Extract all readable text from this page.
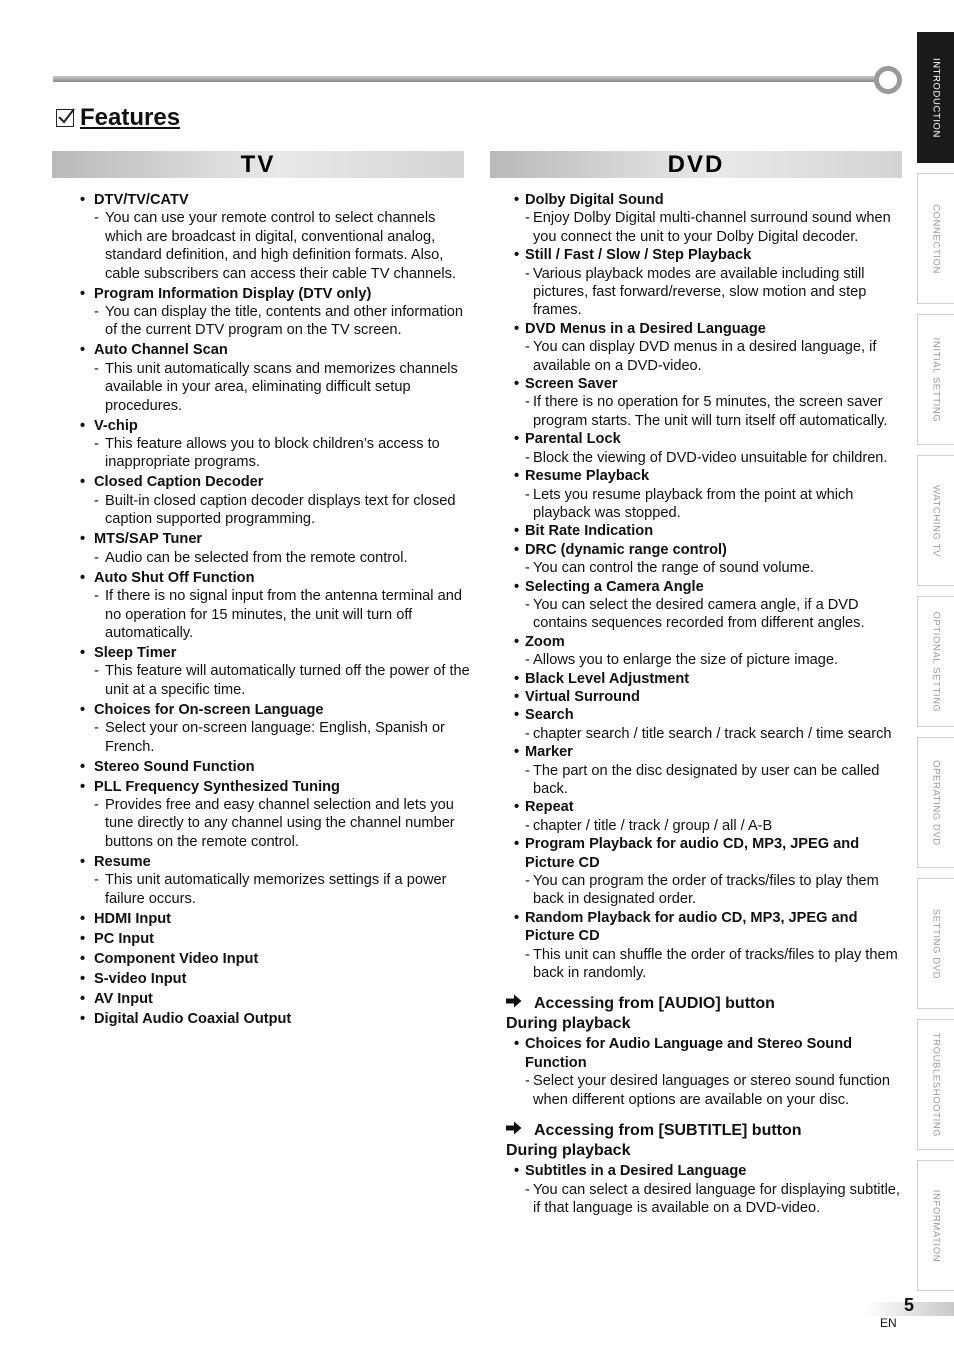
Features
TV	DVD
• DTV/TV/CATV
- You can use your remote control to select channels which are broadcast in digital, conventional analog, standard definition, and high definition formats. Also, cable subscribers can access their cable TV channels.
• Program Information Display (DTV only)
- You can display the title, contents and other information of the current DTV program on the TV screen.
• Auto Channel Scan
- This unit automatically scans and memorizes channels available in your area, eliminating difficult setup procedures.
• V-chip
- This feature allows you to block children’s access to inappropriate programs.
• Closed Caption Decoder
- Built-in closed caption decoder displays text for closed caption supported programming.
• MTS/SAP Tuner
- Audio can be selected from the remote control.
• Auto Shut Off Function
- If there is no signal input from the antenna terminal and no operation for 15 minutes, the unit will turn off automatically.
• Sleep Timer
- This feature will automatically turned off the power of the unit at a specific time.
• Choices for On-screen Language
- Select your on-screen language: English, Spanish or French.
• Stereo Sound Function
• PLL Frequency Synthesized Tuning
- Provides free and easy channel selection and lets you tune directly to any channel using the channel number buttons on the remote control.
• Resume
- This unit automatically memorizes settings if a power failure occurs.
• HDMI Input
• PC Input
• Component Video Input
• S-video Input
• AV Input
• Digital Audio Coaxial Output
• Dolby Digital Sound
- Enjoy Dolby Digital multi-channel surround sound when you connect the unit to your Dolby Digital decoder.
• Still / Fast / Slow / Step Playback
- Various playback modes are available including still pictures, fast forward/reverse, slow motion and step frames.
• DVD Menus in a Desired Language
- You can display DVD menus in a desired language, if available on a DVD-video.
• Screen Saver
- If there is no operation for 5 minutes, the screen saver program starts. The unit will turn itself off automatically.
• Parental Lock
- Block the viewing of DVD-video unsuitable for children.
• Resume Playback
- Lets you resume playback from the point at which playback was stopped.
• Bit Rate Indication
• DRC (dynamic range control)
- You can control the range of sound volume.
• Selecting a Camera Angle
- You can select the desired camera angle, if a DVD contains sequences recorded from different angles.
• Zoom
- Allows you to enlarge the size of picture image.
• Black Level Adjustment
• Virtual Surround
• Search
- chapter search / title search / track search / time search
• Marker
- The part on the disc designated by user can be called back.
• Repeat
- chapter / title / track / group / all / A-B
• Program Playback for audio CD, MP3, JPEG and Picture CD
- You can program the order of tracks/files to play them back in designated order.
• Random Playback for audio CD, MP3, JPEG and Picture CD
- This unit can shuffle the order of tracks/files to play them back in randomly.
Accessing from [AUDIO] button
During playback
• Choices for Audio Language and Stereo Sound Function
- Select your desired languages or stereo sound function when different options are available on your disc.
Accessing from [SUBTITLE] button
During playback
• Subtitles in a Desired Language
- You can select a desired language for displaying subtitle, if that language is available on a DVD-video.
INTRODUCTION
CONNECTION
INITIAL SETTING
WATCHING TV
OPTIONAL SETTING
OPERATING DVD
SETTING DVD
TROUBLESHOOTING
INFORMATION
5
EN
